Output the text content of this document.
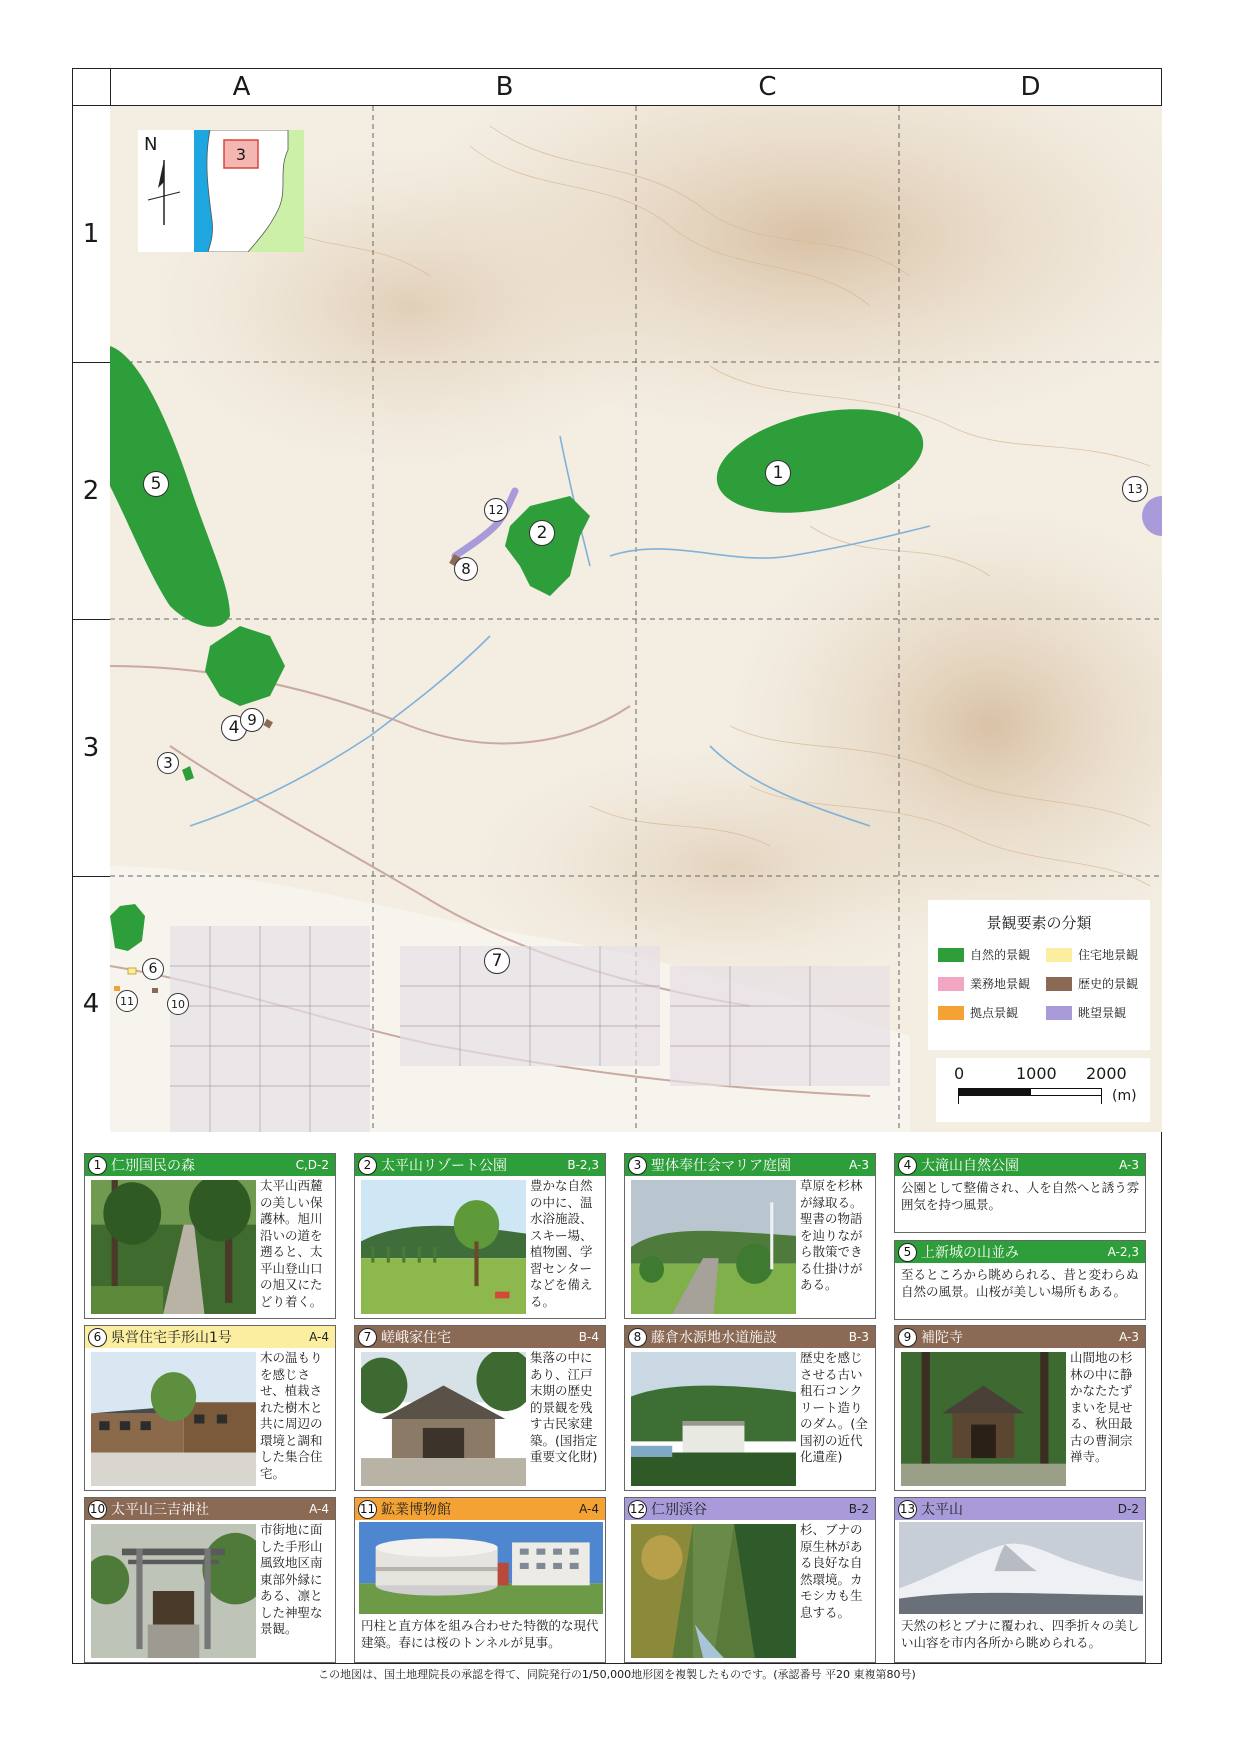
A	B	C	D
1
2
3
4
1
2
3
4
5
6	7
8
9
10
11
12
13
N	3
景観要素の分類
自然的景観	住宅地景観
業務地景観	歴史的景観
拠点景観	眺望景観
0	1000 2000
(m)
1 仁別国民の森	C,D-2
太平山西麓の美しい保護林。旭川沿いの道を遡ると、太平山登山口の旭又にたどり着く。
2 太平山リゾート公園	B-2,3
豊かな自然の中に、温水浴施設、スキー場、植物園、学習センターなどを備える。
3 聖体奉仕会マリア庭園	A-3
草原を杉林が縁取る。聖書の物語を辿りながら散策できる仕掛けがある。
4 大滝山自然公園	A-3
公園として整備され、人を自然へと誘う雰囲気を持つ風景。
5 上新城の山並み	A-2,3
至るところから眺められる、昔と変わらぬ自然の風景。山桜が美しい場所もある。
6 県営住宅手形山1号	A-4
木の温もりを感じさせ、植栽された樹木と共に周辺の環境と調和した集合住宅。
7 嵯峨家住宅	B-4
集落の中にあり、江戸末期の歴史的景観を残す古民家建築。(国指定重要文化財)
8 藤倉水源地水道施設	B-3
歴史を感じさせる古い租石コンクリート造りのダム。(全国初の近代化遺産)
9 補陀寺	A-3
山間地の杉林の中に静かなたたずまいを見せる、秋田最古の曹洞宗禅寺。
10 太平山三吉神社	A-4
市街地に面した手形山風致地区南東部外縁にある、凛とした神聖な景観。
11 鉱業博物館	A-4
円柱と直方体を組み合わせた特徴的な現代建築。春には桜のトンネルが見事。
12 仁別渓谷	B-2
杉、ブナの原生林がある良好な自然環境。カモシカも生息する。
13 太平山	D-2
天然の杉とブナに覆われ、四季折々の美しい山容を市内各所から眺められる。
この地図は、国土地理院長の承認を得て、同院発行の1/50,000地形図を複製したものです。(承認番号 平20 東複第80号)
